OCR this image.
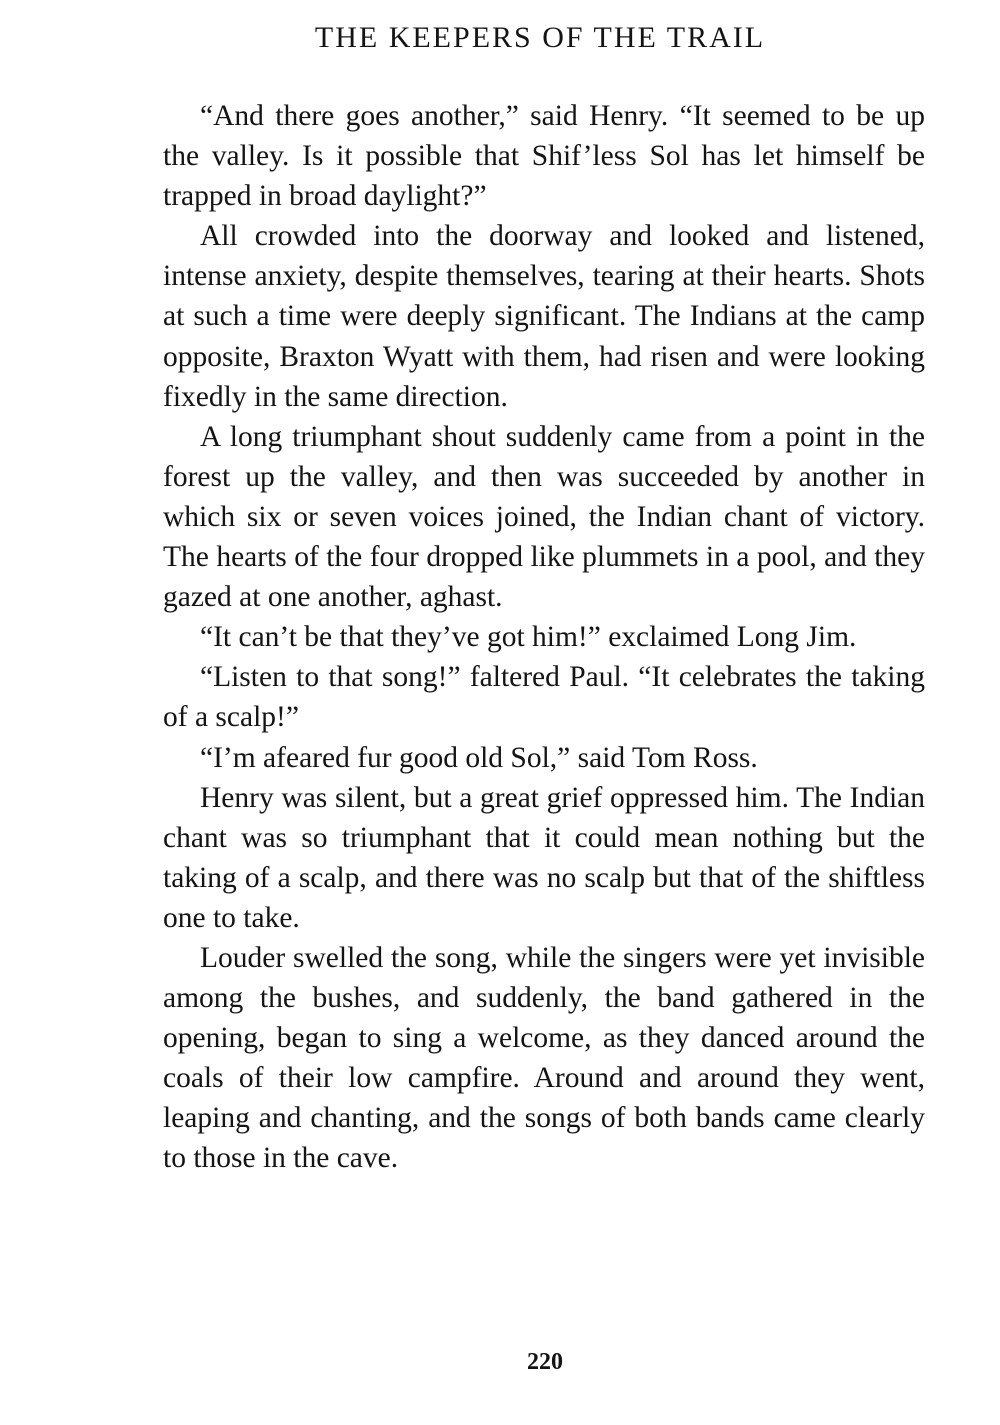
THE KEEPERS OF THE TRAIL

“And there goes another,” said Henry. “It seemed to be up the valley. Is it possible that Shif’less Sol has let himself be trapped in broad daylight?”

All crowded into the doorway and looked and listened, intense anxiety, despite themselves, tearing at their hearts. Shots at such a time were deeply significant. The Indians at the camp opposite, Braxton Wyatt with them, had risen and were looking fixedly in the same direction.

A long triumphant shout suddenly came from a point in the forest up the valley, and then was succeeded by another in which six or seven voices joined, the Indian chant of victory. The hearts of the four dropped like plummets in a pool, and they gazed at one another, aghast.

“It can’t be that they’ve got him!” exclaimed Long Jim.

“Listen to that song!” faltered Paul. “It celebrates the taking of a scalp!”

“I’m afeared fur good old Sol,” said Tom Ross.

Henry was silent, but a great grief oppressed him. The Indian chant was so triumphant that it could mean nothing but the taking of a scalp, and there was no scalp but that of the shiftless one to take.

Louder swelled the song, while the singers were yet invisible among the bushes, and suddenly, the band gathered in the opening, began to sing a welcome, as they danced around the coals of their low campfire. Around and around they went, leaping and chanting, and the songs of both bands came clearly to those in the cave.

220
